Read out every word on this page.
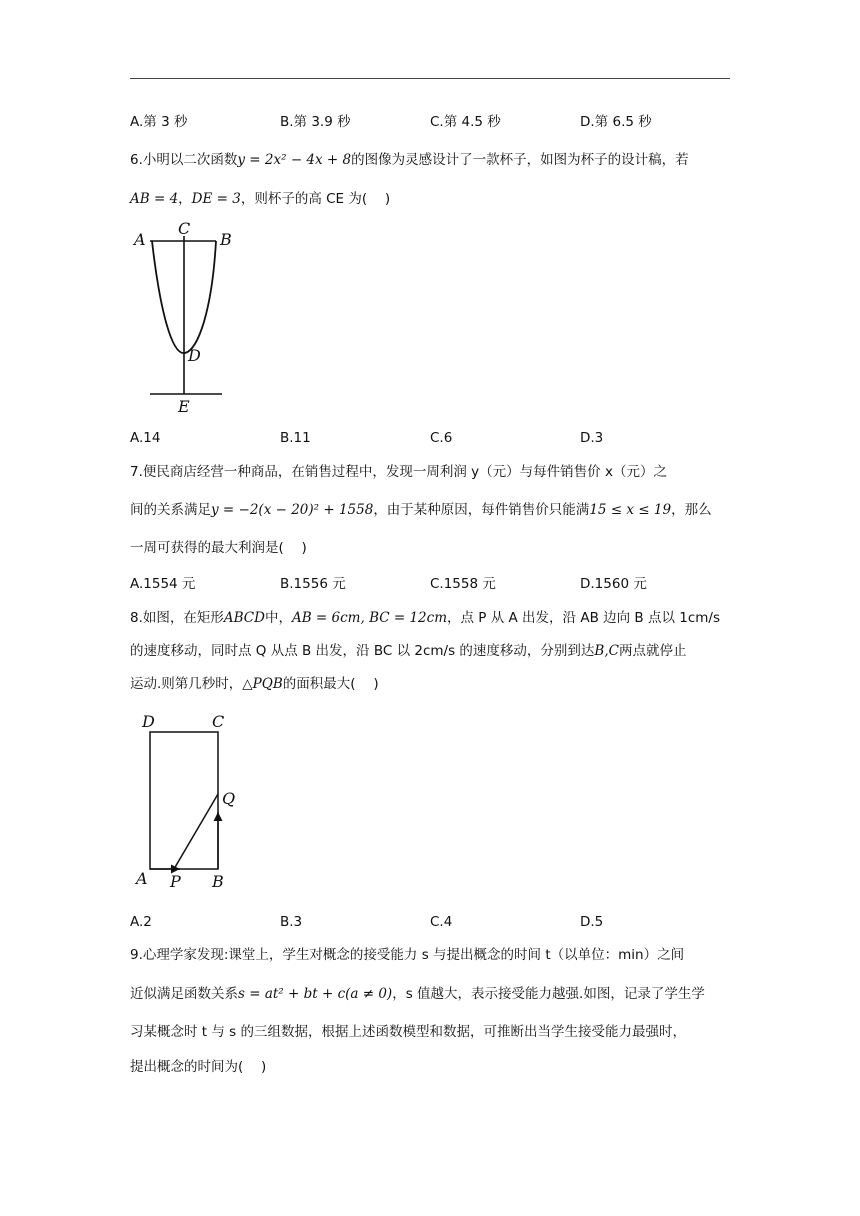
A.第 3 秒	B.第 3.9 秒	C.第 4.5 秒	D.第 6.5 秒
6.小明以二次函数y = 2x² − 4x + 8的图像为灵感设计了一款杯子，如图为杯子的设计稿，若
AB = 4，DE = 3，则杯子的高 CE 为(　 )
A
C
B
D
E
A.14	B.11	C.6	D.3
7.便民商店经营一种商品，在销售过程中，发现一周利润 y（元）与每件销售价 x（元）之
间的关系满足y = −2(x − 20)² + 1558，由于某种原因，每件销售价只能满15 ≤ x ≤ 19，那么
一周可获得的最大利润是(　 )
A.1554 元	B.1556 元	C.1558 元	D.1560 元
8.如图，在矩形ABCD中，AB = 6cm, BC = 12cm，点 P 从 A 出发，沿 AB 边向 B 点以 1cm/s
的速度移动，同时点 Q 从点 B 出发，沿 BC 以 2cm/s 的速度移动，分别到达B,C两点就停止
运动.则第几秒时，△PQB的面积最大(　 )
D	C
Q
A P B
A.2	B.3	C.4	D.5
9.心理学家发现:课堂上，学生对概念的接受能力 s 与提出概念的时间 t（以单位：min）之间
近似满足函数关系s = at² + bt + c(a ≠ 0)，s 值越大，表示接受能力越强.如图，记录了学生学
习某概念时 t 与 s 的三组数据，根据上述函数模型和数据，可推断出当学生接受能力最强时，
提出概念的时间为(　 )
